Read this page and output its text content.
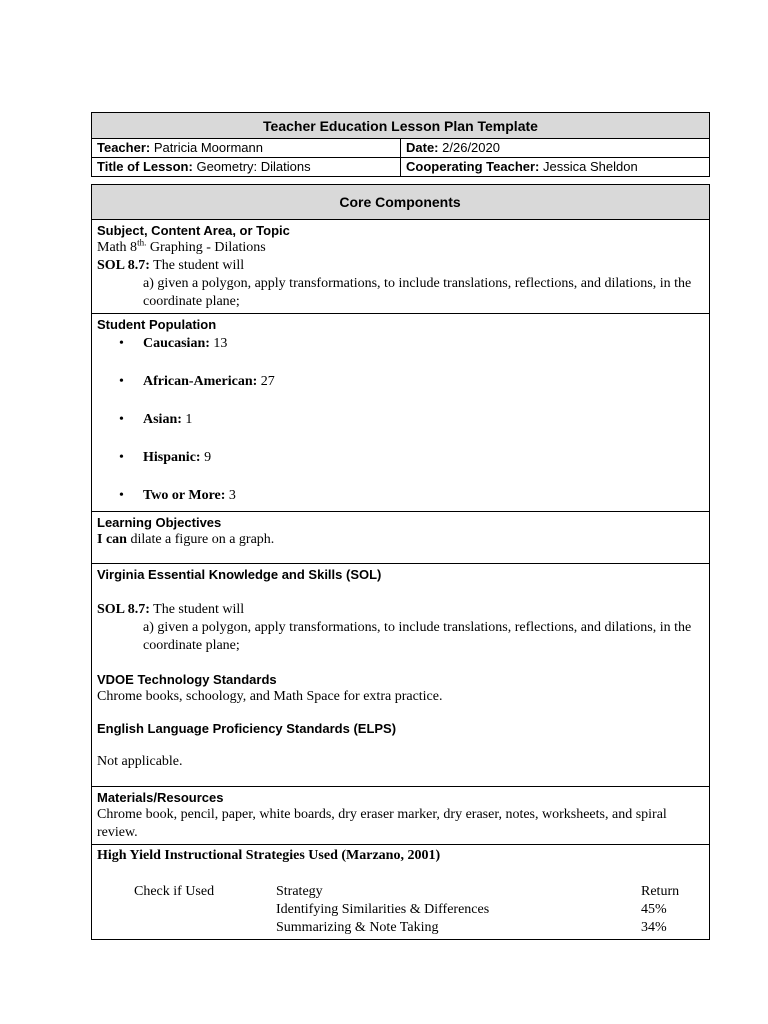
Teacher Education Lesson Plan Template	
Teacher: Patricia Moormann	Date: 2/26/2020
Title of Lesson: Geometry: Dilations	Cooperating Teacher: Jessica Sheldon
Core Components

Subject, Content Area, or Topic
Math $8^{th.}$ Graphing - Dilations
SOL 8.7: The student will
a) given a polygon, apply transformations, to include translations, reflections, and dilations, in the coordinate plane;

Student Population
• Caucasian: 13
• African-American: 27
• Asian: 1
• Hispanic: 9
• Two or More: 3

Learning Objectives
I can dilate a figure on a graph.

Virginia Essential Knowledge and Skills (SOL)
SOL 8.7: The student will
a) given a polygon, apply transformations, to include translations, reflections, and dilations, in the coordinate plane;
VDOE Technology Standards
Chrome books, schoology, and Math Space for extra practice.
English Language Proficiency Standards (ELPS)
Not applicable.

Materials/Resources
Chrome book, pencil, paper, white boards, dry eraser marker, dry eraser, notes, worksheets, and spiral review.

High Yield Instructional Strategies Used (Marzano, 2001)
Check if Used	Strategy	Return
	Identifying Similarities & Differences	45%
	Summarizing & Note Taking	34%
